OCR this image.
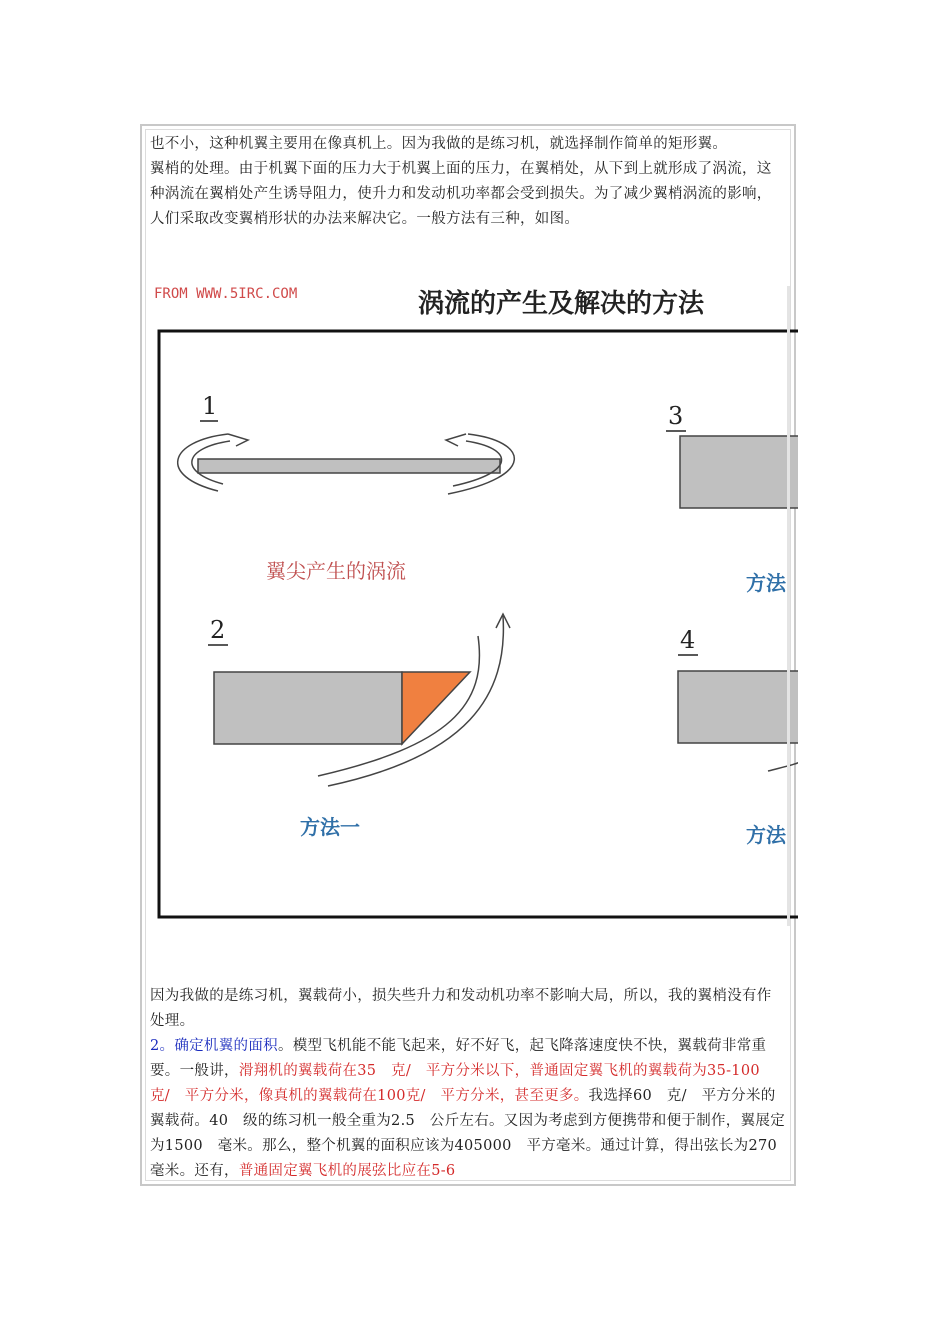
也不小，这种机翼主要用在像真机上。因为我做的是练习机，就选择制作简单的矩形翼。

翼梢的处理。由于机翼下面的压力大于机翼上面的压力，在翼梢处，从下到上就形成了涡流，这种涡流在翼梢处产生诱导阻力，使升力和发动机功率都会受到损失。为了减少翼梢涡流的影响，人们采取改变翼梢形状的办法来解决它。一般方法有三种，如图。

FROM WWW.5IRC.COM	涡流的产生及解决的方法
1
翼尖产生的涡流
3
方法
2
方法一
4
方法

因为我做的是练习机，翼载荷小，损失些升力和发动机功率不影响大局，所以，我的翼梢没有作处理。

2。确定机翼的面积。模型飞机能不能飞起来，好不好飞，起飞降落速度快不快，翼载荷非常重要。一般讲，滑翔机的翼载荷在35　克/　平方分米以下，普通固定翼飞机的翼载荷为35-100　克/　平方分米，像真机的翼载荷在100克/　平方分米，甚至更多。我选择60　克/　平方分米的翼载荷。40　级的练习机一般全重为2.5　公斤左右。又因为考虑到方便携带和便于制作，翼展定为1500　毫米。那么，整个机翼的面积应该为405000　平方毫米。通过计算，得出弦长为270毫米。还有，普通固定翼飞机的展弦比应在5-6
